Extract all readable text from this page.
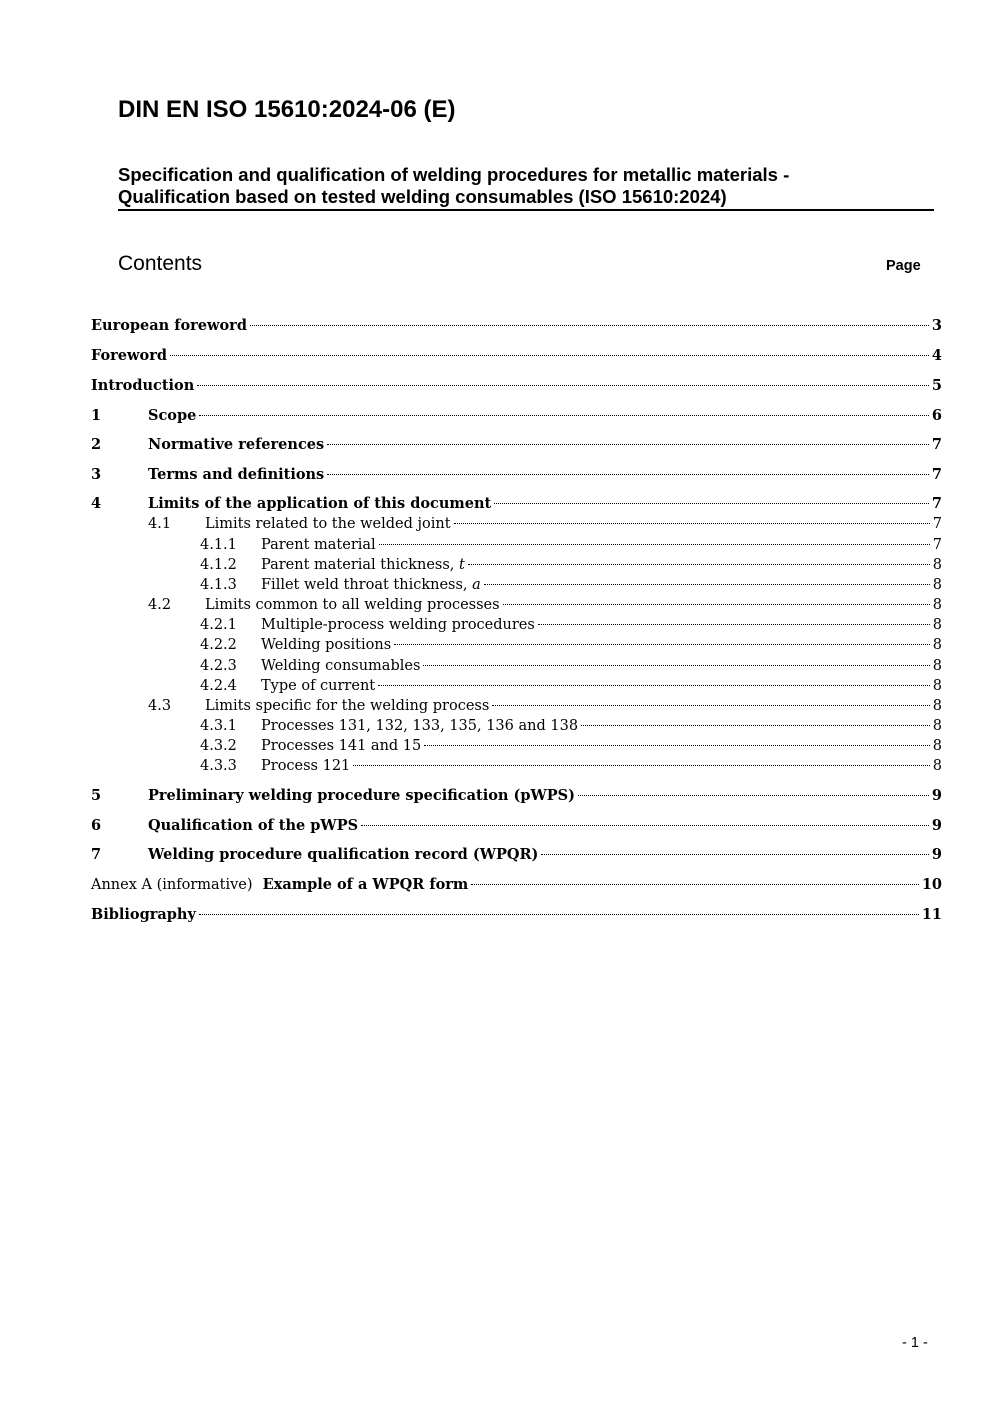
DIN EN ISO 15610:2024-06 (E)
Specification and qualification of welding procedures for metallic materials -
Qualification based on tested welding consumables (ISO 15610:2024)
Contents	Page
European foreword	3
Foreword	4
Introduction	5
1	Scope	6
2	Normative references	7
3	Terms and definitions	7
4	Limits of the application of this document	7
4.1 Limits related to the welded joint	7
4.1.1 Parent material	7
4.1.2 Parent material thickness, t	8
4.1.3 Fillet weld throat thickness, a	8
4.2 Limits common to all welding processes	8
4.2.1 Multiple-process welding procedures	8
4.2.2 Welding positions	8
4.2.3 Welding consumables	8
4.2.4 Type of current	8
4.3 Limits specific for the welding process	8
4.3.1 Processes 131, 132, 133, 135, 136 and 138	8
4.3.2 Processes 141 and 15	8
4.3.3 Process 121	8
5	Preliminary welding procedure specification (pWPS)	9
6	Qualification of the pWPS	9
7	Welding procedure qualification record (WPQR)	9
Annex A (informative) Example of a WPQR form	10
Bibliography	11
- 1 -
